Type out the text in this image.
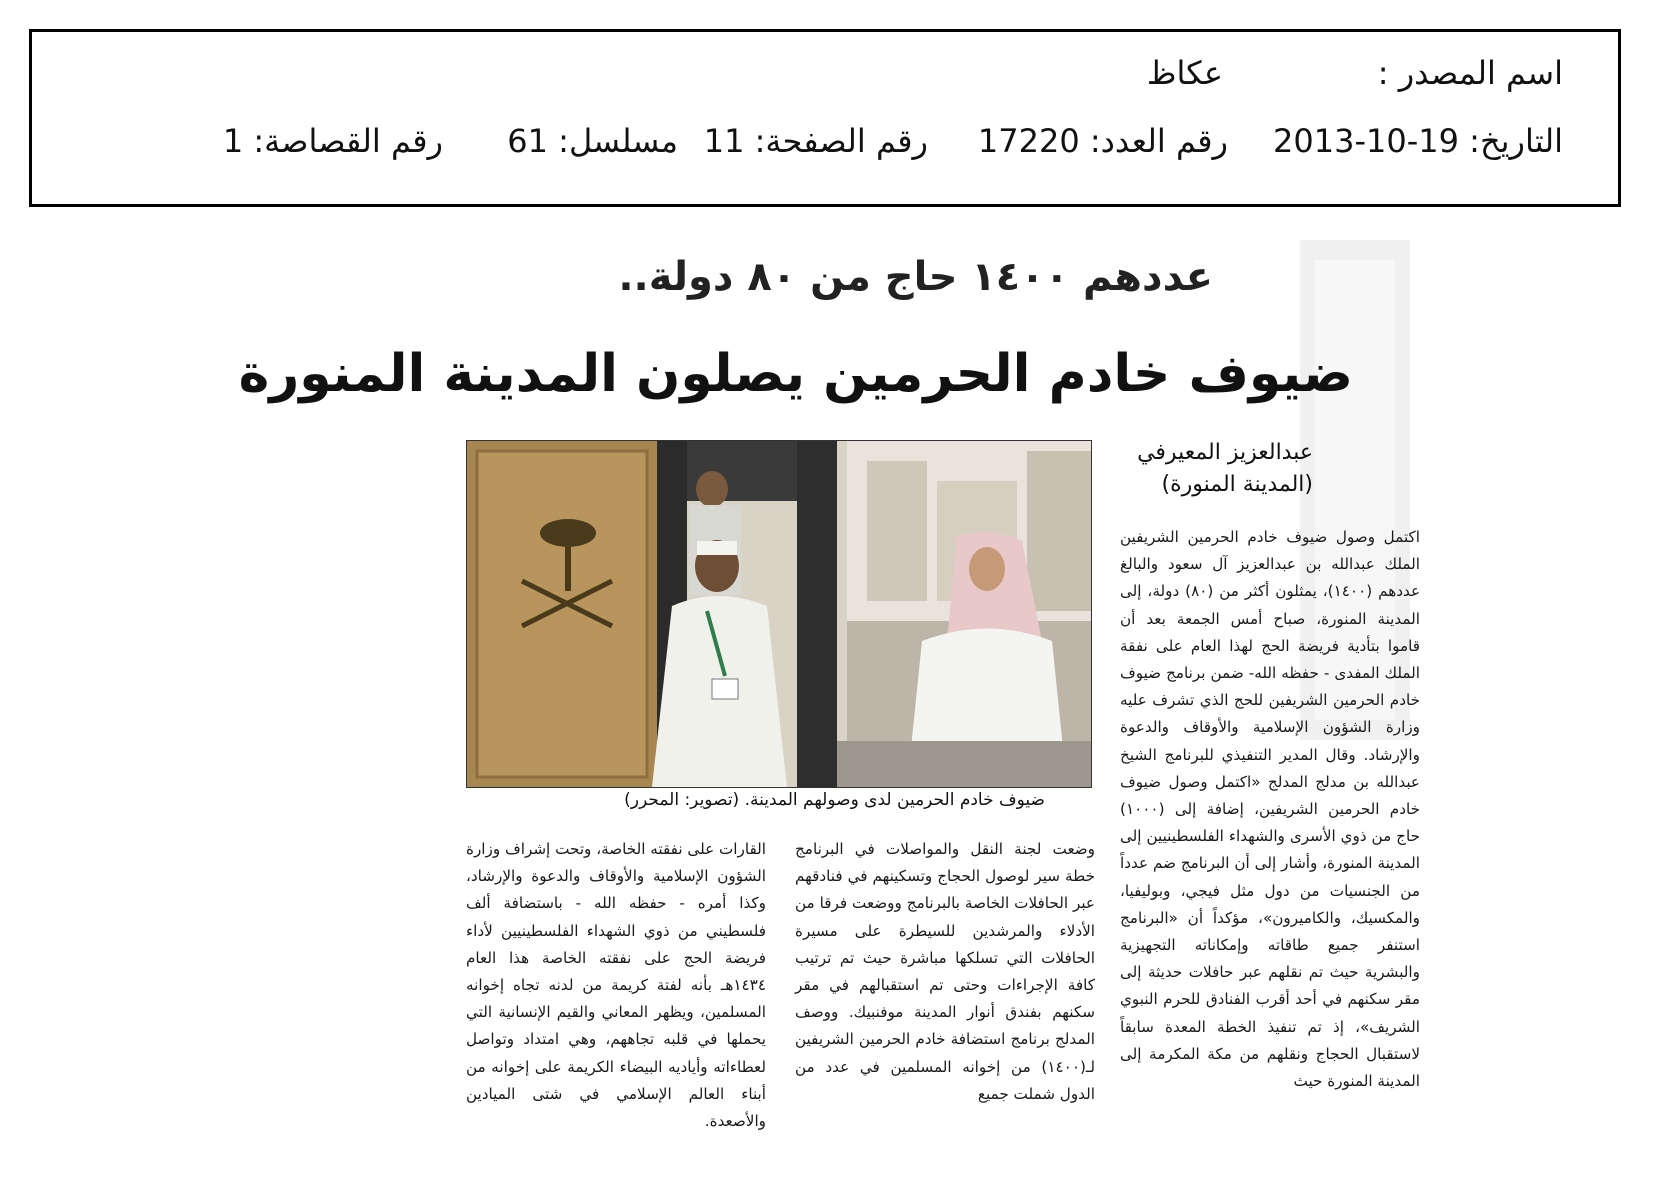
اسم المصدر :
عكاظ
التاريخ: 19-10-2013
رقم العدد: 17220
رقم الصفحة: 11
مسلسل: 61
رقم القصاصة: 1
عددهم ١٤٠٠ حاج من ٨٠ دولة..
ضيوف خادم الحرمين يصلون المدينة المنورة
عبدالعزيز المعيرفي
(المدينة المنورة)
ضيوف خادم الحرمين لدى وصولهم المدينة. (تصوير: المحرر)

اكتمل وصول ضيوف خادم الحرمين الشريفين الملك عبدالله بن عبدالعزيز آل سعود والبالغ عددهم (١٤٠٠)، يمثلون أكثر من (٨٠) دولة، إلى المدينة المنورة، صباح أمس الجمعة بعد أن قاموا بتأدية فريضة الحج لهذا العام على نفقة الملك المفدى - حفظه الله- ضمن برنامج ضيوف خادم الحرمين الشريفين للحج الذي تشرف عليه وزارة الشؤون الإسلامية والأوقاف والدعوة والإرشاد. وقال المدير التنفيذي للبرنامج الشيخ عبدالله بن مدلج المدلج «اكتمل وصول ضيوف خادم الحرمين الشريفين، إضافة إلى (١٠٠٠) حاج من ذوي الأسرى والشهداء الفلسطينيين إلى المدينة المنورة، وأشار إلى أن البرنامج ضم عدداً من الجنسيات من دول مثل فيجي، وبوليفيا، والمكسيك، والكاميرون»، مؤكداً أن «البرنامج استنفر جميع طاقاته وإمكاناته التجهيزية والبشرية حيث تم نقلهم عبر حافلات حديثة إلى مقر سكنهم في أحد أقرب الفنادق للحرم النبوي الشريف»، إذ تم تنفيذ الخطة المعدة سابقاً لاستقبال الحجاج ونقلهم من مكة المكرمة إلى المدينة المنورة حيث

وضعت لجنة النقل والمواصلات في البرنامج خطة سير لوصول الحجاج وتسكينهم في فنادقهم عبر الحافلات الخاصة بالبرنامج ووضعت فرقا من الأدلاء والمرشدين للسيطرة على مسيرة الحافلات التي تسلكها مباشرة حيث تم ترتيب كافة الإجراءات وحتى تم استقبالهم في مقر سكنهم بفندق أنوار المدينة موفنبيك. ووصف المدلج برنامج استضافة خادم الحرمين الشريفين لـ(١٤٠٠) من إخوانه المسلمين في عدد من الدول شملت جميع

القارات على نفقته الخاصة، وتحت إشراف وزارة الشؤون الإسلامية والأوقاف والدعوة والإرشاد، وكذا أمره - حفظه الله - باستضافة ألف فلسطيني من ذوي الشهداء الفلسطينيين لأداء فريضة الحج على نفقته الخاصة هذا العام ١٤٣٤هـ بأنه لفتة كريمة من لدنه تجاه إخوانه المسلمين، ويظهر المعاني والقيم الإنسانية التي يحملها في قلبه تجاههم، وهي امتداد وتواصل لعطاءاته وأياديه البيضاء الكريمة على إخوانه من أبناء العالم الإسلامي في شتى الميادين والأصعدة.
